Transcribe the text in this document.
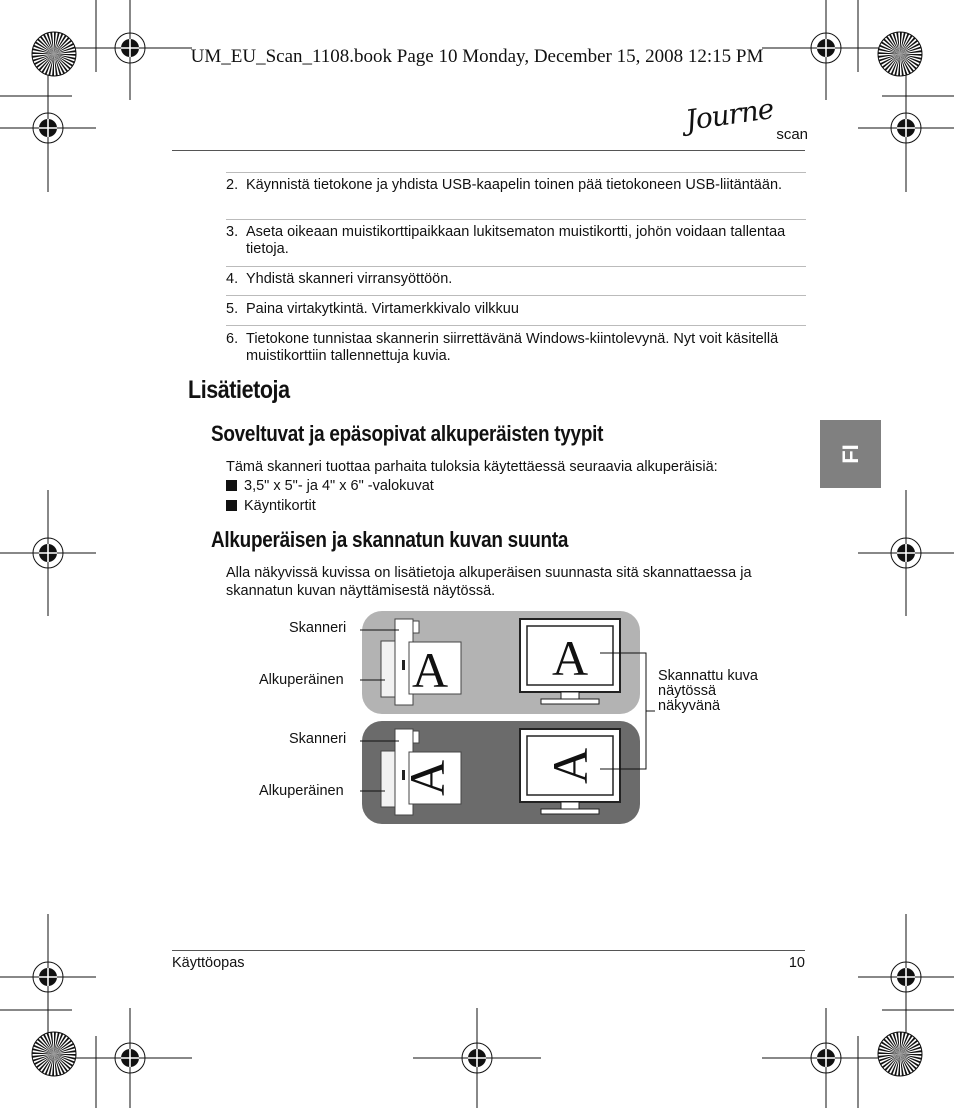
UM_EU_Scan_1108.book Page 10 Monday, December 15, 2008 12:15 PM
Journe scan
2. Käynnistä tietokone ja yhdista USB-kaapelin toinen pää tietokoneen USB-liitäntään.
3. Aseta oikeaan muistikorttipaikkaan lukitsematon muistikortti, johön voidaan tallentaa tietoja.
4. Yhdistä skanneri virransyöttöön.
5. Paina virtakytkintä. Virtamerkkivalo vilkkuu
6. Tietokone tunnistaa skannerin siirrettävänä Windows-kiintolevynä. Nyt voit käsitellä muistikorttiin tallennettuja kuvia.
Lisätietoja
Soveltuvat ja epäsopivat alkuperäisten tyypit
Tämä skanneri tuottaa parhaita tuloksia käytettäessä seuraavia alkuperäisiä:
3,5" x 5"- ja 4" x 6" -valokuvat
Käyntikortit
Alkuperäisen ja skannatun kuvan suunta
Alla näkyvissä kuvissa on lisätietoja alkuperäisen suunnasta sitä skannattaessa ja skannatun kuvan näyttämisestä näytössä.
FI
Skanneri
Alkuperäinen
Skanneri
Alkuperäinen
Skannattu kuva näytössä näkyvänä
A A
A A
Käyttöopas	10
